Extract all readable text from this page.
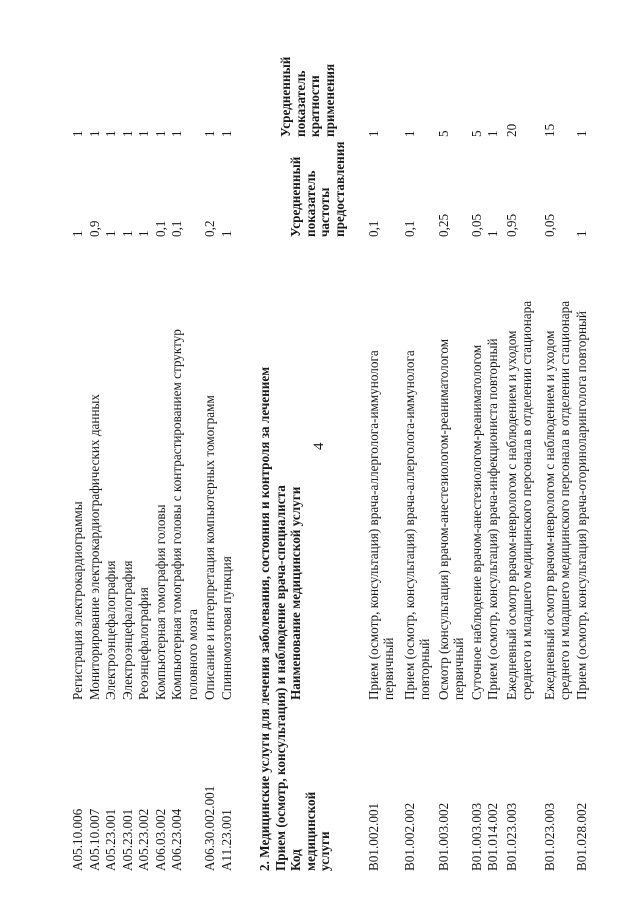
4
A05.10.006
Регистрация электрокардиограммы
1
1
A05.10.007
Мониторирование электрокардиографических данных
0,9
1
A05.23.001
Электроэнцефалография
1
1
A05.23.001
Электроэнцефалография
1
1
A05.23.002
Реоэнцефалография
1
1
A06.03.002
Компьютерная томография головы
0,1
1
A06.23.004
Компьютерная томография головы с контрастированием структур головного мозга
0,1
1
A06.30.002.001
Описание и интерпретация компьютерных томограмм
0,2
1
A11.23.001
Спинномозговая пункция
1
1
2. Медицинские услуги для лечения заболевания, состояния и контроля за лечением Прием (осмотр, консультация) и наблюдение врача-специалиста Код медицинской услуги
Наименование медицинской услуги
Усредненный показатель частоты предоставления
Усредненный показатель кратности применения
B01.002.001
Прием (осмотр, консультация) врача-аллерголога-иммунолога первичный
0,1
1
B01.002.002
Прием (осмотр, консультация) врача-аллерголога-иммунолога повторный
0,1
1
B01.003.002
Осмотр (консультация) врачом-анестезиологом-реаниматологом первичный
0,25
5
B01.003.003
Суточное наблюдение врачом-анестезиологом-реаниматологом
0,05
5
B01.014.002
Прием (осмотр, консультация) врача-инфекциониста повторный
1
1
B01.023.003
Ежедневный осмотр врачом-неврологом с наблюдением и уходом среднего и младшего медицинского персонала в отделении стационара
0,95
20
B01.023.003
Ежедневный осмотр врачом-неврологом с наблюдением и уходом среднего и младшего медицинского персонала в отделении стационара
0,05
15
B01.028.002
Прием (осмотр, консультация) врача-оториноларинголога повторный
1
1
